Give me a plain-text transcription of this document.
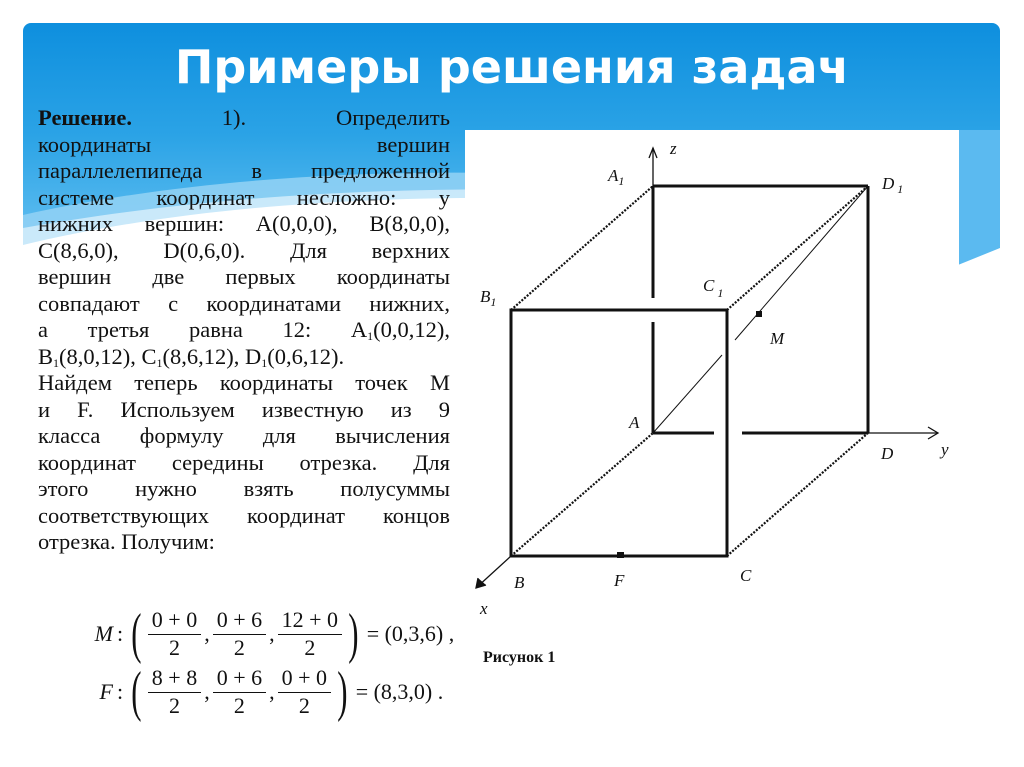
Примеры решения задач

Решение.	1).	Определить

координаты вершин

параллелепипеда в предложенной

системе координат несложно: у

нижних вершин: A(0,0,0), B(8,0,0),

C(8,6,0), D(0,6,0). Для верхних

вершин две первых координаты

совпадают с координатами нижних,

а третья равна 12: $A_1(0,0,12)$,

$B_1(8,0,12)$, $C_1(8,6,12)$, $D_1(0,6,12)$.

Найдем теперь координаты точек M

и F. Используем известную из 9

класса формулу для вычисления

координат середины отрезка. Для

этого нужно взять полусуммы

соответствующих координат концов

отрезка. Получим:

M : ( $\frac{0 + 0}{2}$ , $\frac{0 + 6}{2}$ , $\frac{12 + 0}{2}$ ) = (0,3,6) ,
F : ( $\frac{8 + 8}{2}$ , $\frac{0 + 6}{2}$ , $\frac{0 + 0}{2}$ ) = (8,3,0) .
$A_1$	D $_1$
$B_1$
C $_1$
M
A
D
B	F	C
z
y
x
Рисунок 1
